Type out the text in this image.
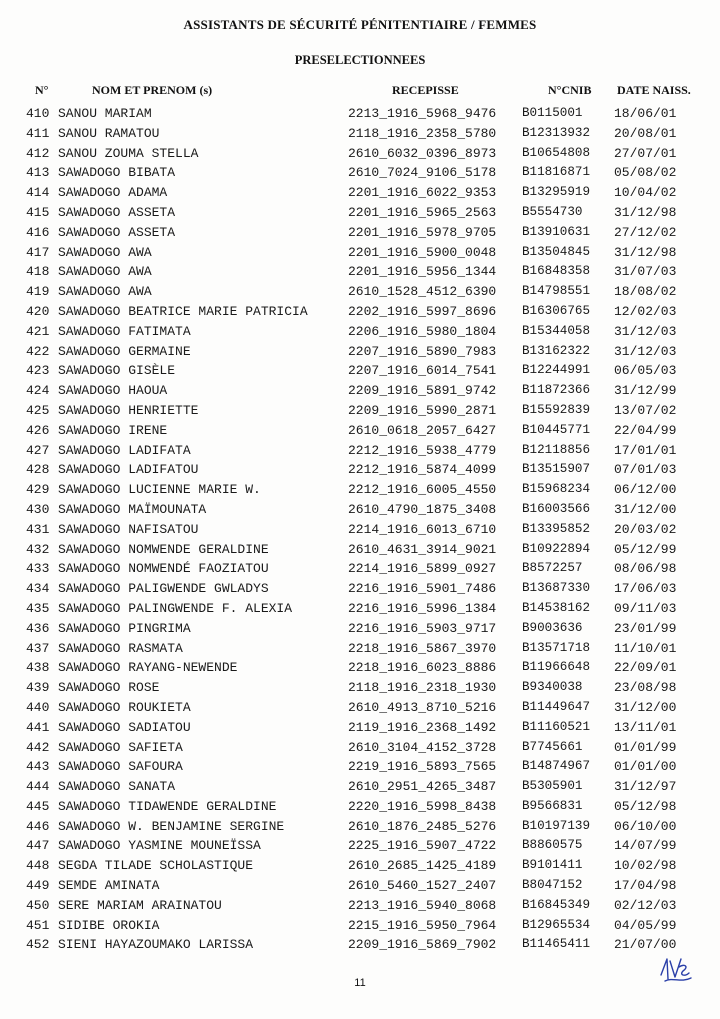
ASSISTANTS DE SÉCURITÉ PÉNITENTIAIRE / FEMMES
PRESELECTIONNEES
N°	NOM ET PRENOM (s)	RECEPISSE	N°CNIB DATE NAISS.
410 SANOU MARIAM	2213_1916_5968_9476 B0115001 18/06/01
411 SANOU RAMATOU	2118_1916_2358_5780 B12313932 20/08/01
412 SANOU ZOUMA STELLA	2610_6032_0396_8973 B10654808 27/07/01
413 SAWADOGO BIBATA	2610_7024_9106_5178 B11816871 05/08/02
414 SAWADOGO ADAMA	2201_1916_6022_9353 B13295919 10/04/02
415 SAWADOGO ASSETA	2201_1916_5965_2563 B5554730 31/12/98
416 SAWADOGO ASSETA	2201_1916_5978_9705 B13910631 27/12/02
417 SAWADOGO AWA	2201_1916_5900_0048 B13504845 31/12/98
418 SAWADOGO AWA	2201_1916_5956_1344 B16848358 31/07/03
419 SAWADOGO AWA	2610_1528_4512_6390 B14798551 18/08/02
420 SAWADOGO BEATRICE MARIE PATRICIA	2202_1916_5997_8696 B16306765 12/02/03
421 SAWADOGO FATIMATA	2206_1916_5980_1804 B15344058 31/12/03
422 SAWADOGO GERMAINE	2207_1916_5890_7983 B13162322 31/12/03
423 SAWADOGO GISÈLE	2207_1916_6014_7541 B12244991 06/05/03
424 SAWADOGO HAOUA	2209_1916_5891_9742 B11872366 31/12/99
425 SAWADOGO HENRIETTE	2209_1916_5990_2871 B15592839 13/07/02
426 SAWADOGO IRENE	2610_0618_2057_6427 B10445771 22/04/99
427 SAWADOGO LADIFATA	2212_1916_5938_4779 B12118856 17/01/01
428 SAWADOGO LADIFATOU	2212_1916_5874_4099 B13515907 07/01/03
429 SAWADOGO LUCIENNE MARIE W.	2212_1916_6005_4550 B15968234 06/12/00
430 SAWADOGO MAÏMOUNATA	2610_4790_1875_3408 B16003566 31/12/00
431 SAWADOGO NAFISATOU	2214_1916_6013_6710 B13395852 20/03/02
432 SAWADOGO NOMWENDE GERALDINE	2610_4631_3914_9021 B10922894 05/12/99
433 SAWADOGO NOMWENDÉ FAOZIATOU	2214_1916_5899_0927 B8572257 08/06/98
434 SAWADOGO PALIGWENDE GWLADYS	2216_1916_5901_7486 B13687330 17/06/03
435 SAWADOGO PALINGWENDE F. ALEXIA	2216_1916_5996_1384 B14538162 09/11/03
436 SAWADOGO PINGRIMA	2216_1916_5903_9717 B9003636 23/01/99
437 SAWADOGO RASMATA	2218_1916_5867_3970 B13571718 11/10/01
438 SAWADOGO RAYANG-NEWENDE	2218_1916_6023_8886 B11966648 22/09/01
439 SAWADOGO ROSE	2118_1916_2318_1930 B9340038 23/08/98
440 SAWADOGO ROUKIETA	2610_4913_8710_5216 B11449647 31/12/00
441 SAWADOGO SADIATOU	2119_1916_2368_1492 B11160521 13/11/01
442 SAWADOGO SAFIETA	2610_3104_4152_3728 B7745661 01/01/99
443 SAWADOGO SAFOURA	2219_1916_5893_7565 B14874967 01/01/00
444 SAWADOGO SANATA	2610_2951_4265_3487 B5305901 31/12/97
445 SAWADOGO TIDAWENDE GERALDINE	2220_1916_5998_8438 B9566831 05/12/98
446 SAWADOGO W. BENJAMINE SERGINE	2610_1876_2485_5276 B10197139 06/10/00
447 SAWADOGO YASMINE MOUNEÏSSA	2225_1916_5907_4722 B8860575 14/07/99
448 SEGDA TILADE SCHOLASTIQUE	2610_2685_1425_4189 B9101411 10/02/98
449 SEMDE AMINATA	2610_5460_1527_2407 B8047152 17/04/98
450 SERE MARIAM ARAINATOU	2213_1916_5940_8068 B16845349 02/12/03
451 SIDIBE OROKIA	2215_1916_5950_7964 B12965534 04/05/99
452 SIENI HAYAZOUMAKO LARISSA	2209_1916_5869_7902 B11465411 21/07/00
11
